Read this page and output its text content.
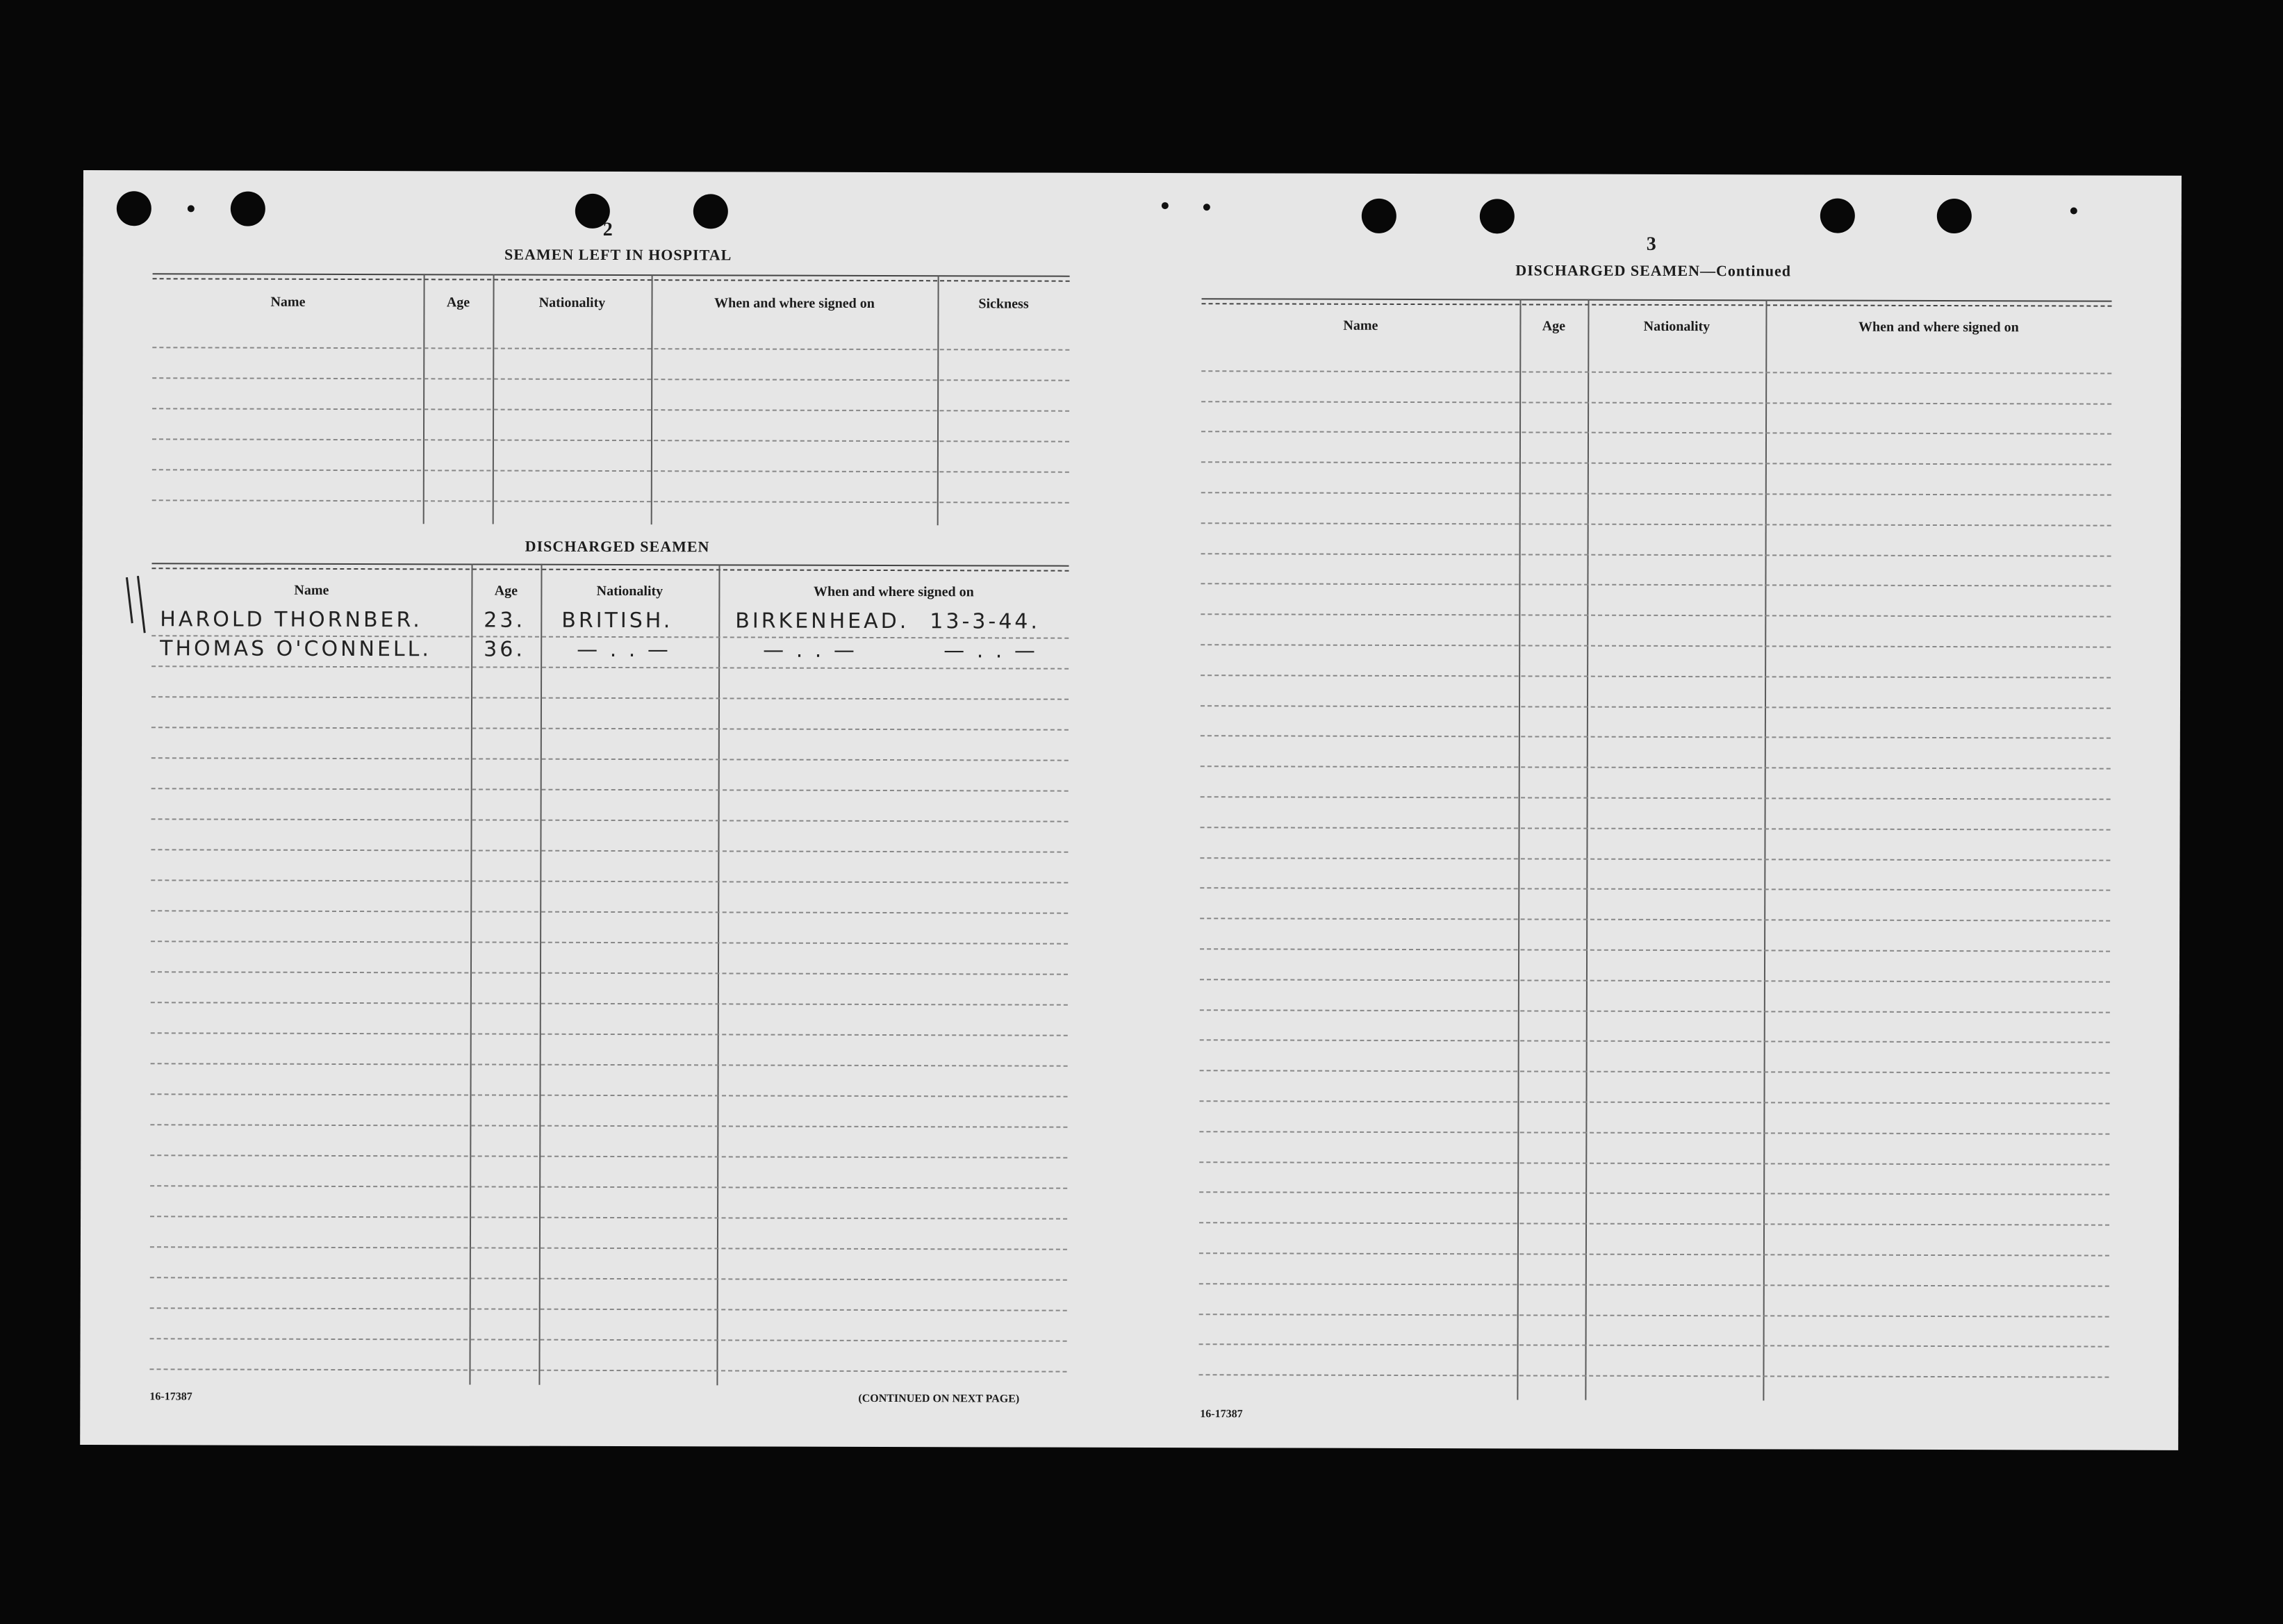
2
SEAMEN LEFT IN HOSPITAL
Name	Age	Nationality	When and where signed on	Sickness
DISCHARGED SEAMEN
Name	Age	Nationality	When and where signed on
HAROLD THORNBER.	23. BRITISH.	BIRKENHEAD. 13-3-44.
THOMAS O'CONNELL.	36. — . . —	— . . —	— . . —
16-17387	(CONTINUED ON NEXT PAGE)
3
DISCHARGED SEAMEN—Continued
Name	Age	Nationality	When and where signed on
16-17387
